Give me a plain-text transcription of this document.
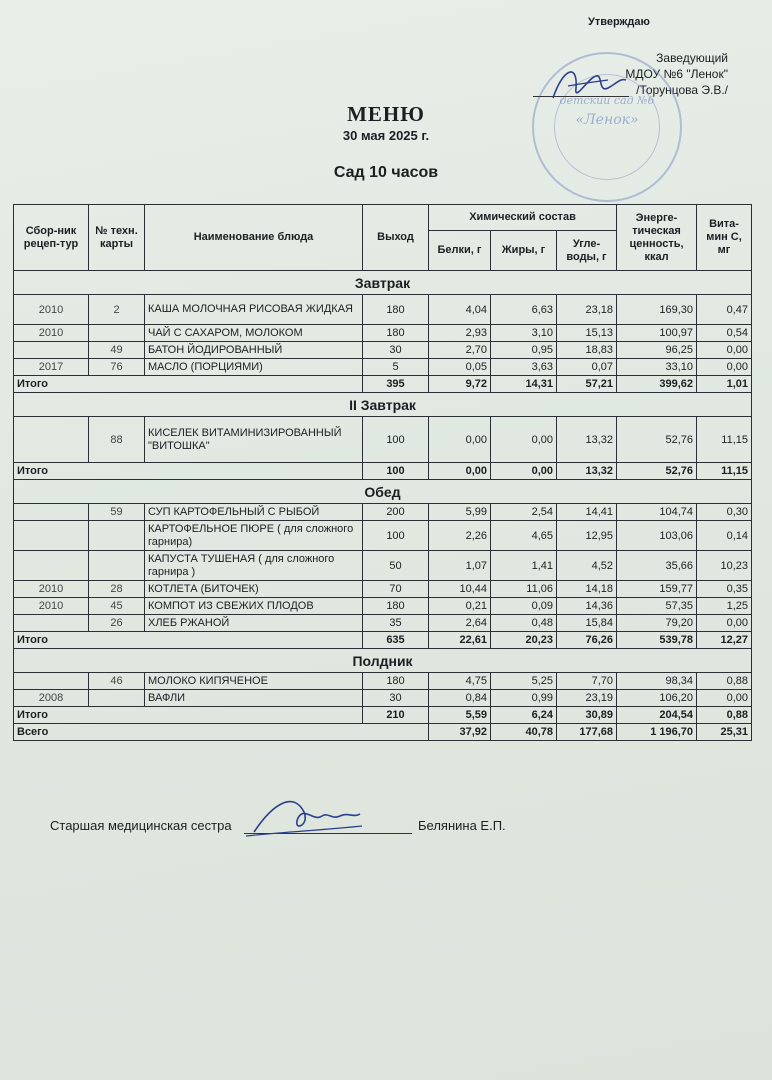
Утверждаю
Заведующий
МДОУ №6 "Ленок"
/Торунцова Э.В./
детский сад №6
«Ленок»
МЕНЮ
30 мая 2025 г.
Сад 10 часов
Сбор-ник рецеп-тур	№ техн. карты	Наименование блюда	Выход	Химический состав			Энерге-тическая ценность, ккал	Вита-мин С, мг
				Белки, г	Жиры, г	Угле-воды, г		
Завтрак								
2010	2	КАША МОЛОЧНАЯ РИСОВАЯ ЖИДКАЯ	180	4,04	6,63	23,18	169,30	0,47
2010		ЧАЙ С САХАРОМ, МОЛОКОМ	180	2,93	3,10	15,13	100,97	0,54
	49	БАТОН ЙОДИРОВАННЫЙ	30	2,70	0,95	18,83	96,25	0,00
2017	76	МАСЛО (ПОРЦИЯМИ)	5	0,05	3,63	0,07	33,10	0,00
Итого			395	9,72	14,31	57,21	399,62	1,01
II Завтрак								
	88	КИСЕЛЕК ВИТАМИНИЗИРОВАННЫЙ "ВИТОШКА"	100	0,00	0,00	13,32	52,76	11,15
Итого			100	0,00	0,00	13,32	52,76	11,15
Обед								
	59	СУП КАРТОФЕЛЬНЫЙ С РЫБОЙ	200	5,99	2,54	14,41	104,74	0,30
		КАРТОФЕЛЬНОЕ ПЮРЕ ( для сложного гарнира)	100	2,26	4,65	12,95	103,06	0,14
		КАПУСТА ТУШЕНАЯ ( для сложного гарнира )	50	1,07	1,41	4,52	35,66	10,23
2010	28	КОТЛЕТА (БИТОЧЕК)	70	10,44	11,06	14,18	159,77	0,35
2010	45	КОМПОТ ИЗ СВЕЖИХ ПЛОДОВ	180	0,21	0,09	14,36	57,35	1,25
	26	ХЛЕБ РЖАНОЙ	35	2,64	0,48	15,84	79,20	0,00
Итого			635	22,61	20,23	76,26	539,78	12,27
Полдник								
	46	МОЛОКО КИПЯЧЕНОЕ	180	4,75	5,25	7,70	98,34	0,88
2008		ВАФЛИ	30	0,84	0,99	23,19	106,20	0,00
Итого			210	5,59	6,24	30,89	204,54	0,88
Всего				37,92	40,78	177,68	1 196,70	25,31
Старшая медицинская сестра	Белянина Е.П.
